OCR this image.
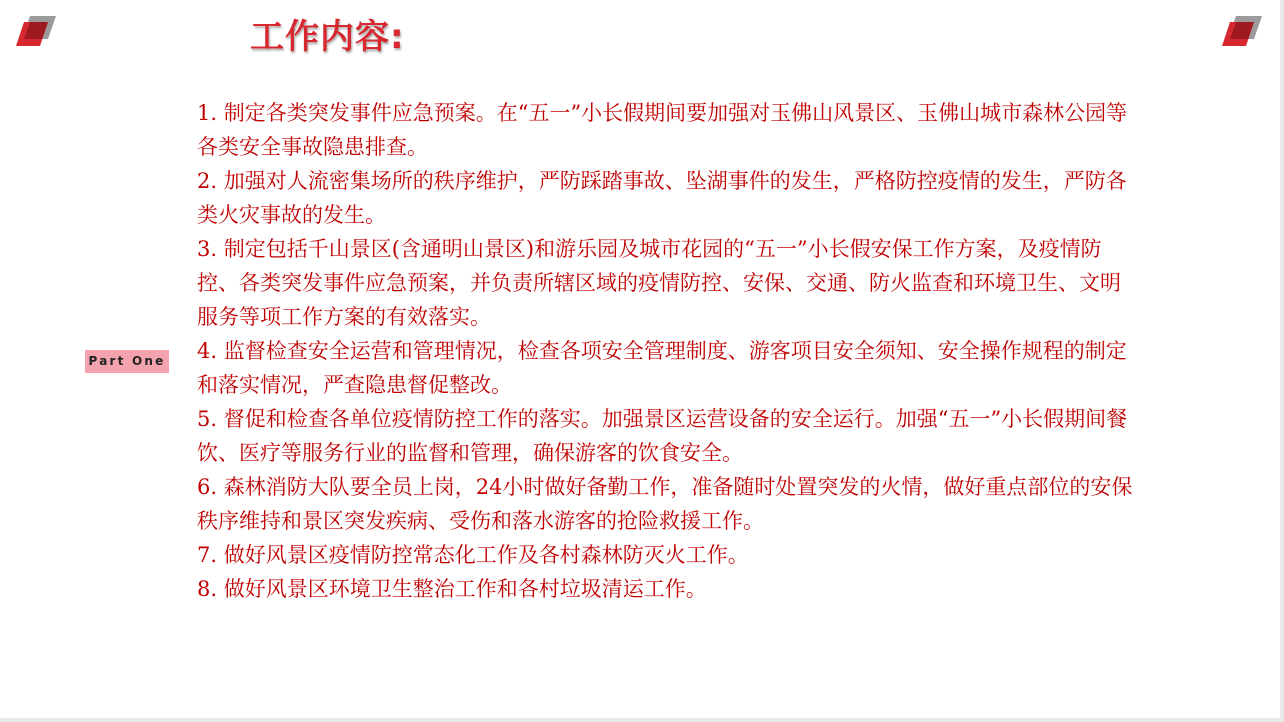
工作内容:
Part One

1. 制定各类突发事件应急预案。在“五一”小长假期间要加强对玉佛山风景区、玉佛山城市森林公园等各类安全事故隐患排查。

2. 加强对人流密集场所的秩序维护，严防踩踏事故、坠湖事件的发生，严格防控疫情的发生，严防各类火灾事故的发生。

3. 制定包括千山景区(含通明山景区)和游乐园及城市花园的“五一”小长假安保工作方案，及疫情防控、各类突发事件应急预案，并负责所辖区域的疫情防控、安保、交通、防火监查和环境卫生、文明服务等项工作方案的有效落实。

4. 监督检查安全运营和管理情况，检查各项安全管理制度、游客项目安全须知、安全操作规程的制定和落实情况，严查隐患督促整改。

5. 督促和检查各单位疫情防控工作的落实。加强景区运营设备的安全运行。加强“五一”小长假期间餐饮、医疗等服务行业的监督和管理，确保游客的饮食安全。

6. 森林消防大队要全员上岗，24小时做好备勤工作，准备随时处置突发的火情，做好重点部位的安保秩序维持和景区突发疾病、受伤和落水游客的抢险救援工作。

7. 做好风景区疫情防控常态化工作及各村森林防灭火工作。

8. 做好风景区环境卫生整治工作和各村垃圾清运工作。
